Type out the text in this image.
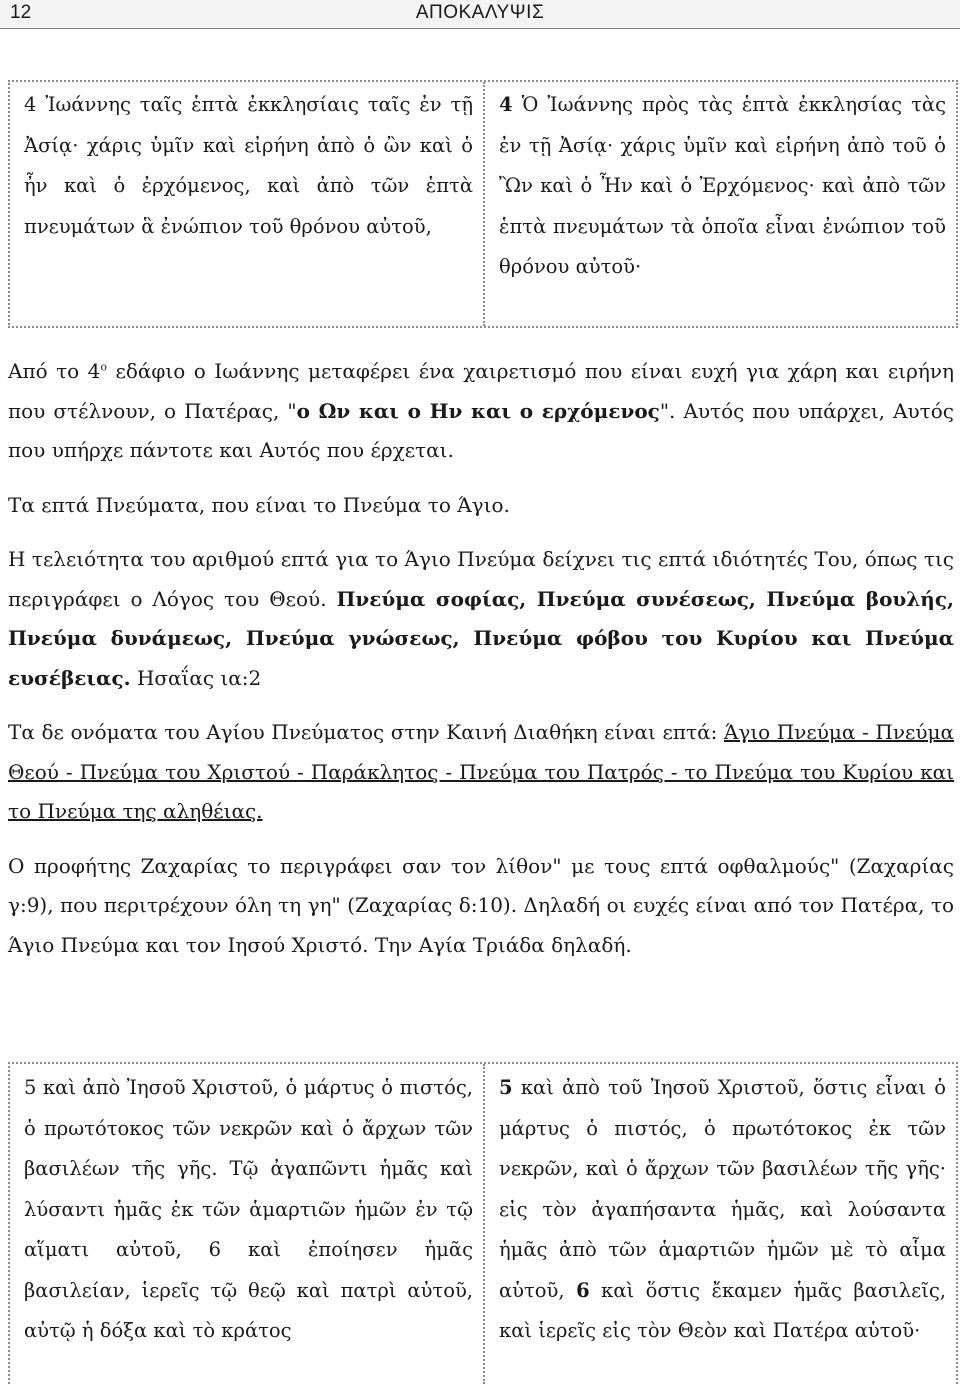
12	ΑΠΟΚΑΛΥΨΙΣ
4 Ἰωάννης ταῖς ἑπτὰ ἐκκλησίαις ταῖς ἐν τῇ Ἀσίᾳ· χάρις ὑμῖν καὶ εἰρήνη ἀπὸ ὁ ὢν καὶ ὁ ἦν καὶ ὁ ἐρχόμενος, καὶ ἀπὸ τῶν ἑπτὰ πνευμάτων ἃ ἐνώπιον τοῦ θρόνου αὐτοῦ,
4 Ὁ Ἰωάννης πρὸς τὰς ἑπτὰ ἐκκλησίας τὰς ἐν τῇ Ἀσίᾳ· χάρις ὑμῖν καὶ εἰρήνη ἀπὸ τοῦ ὁ Ὢν καὶ ὁ Ἦν καὶ ὁ Ἐρχόμενος· καὶ ἀπὸ τῶν ἑπτὰ πνευμάτων τὰ ὁποῖα εἶναι ἐνώπιον τοῦ θρόνου αὐτοῦ·

Από το $4^o$ εδάφιο ο Ιωάννης μεταφέρει ένα χαιρετισμό που είναι ευχή για χάρη και ειρήνη που στέλνουν, ο Πατέρας, "ο Ων και ο Ην και ο ερχόμενος". Αυτός που υπάρχει, Αυτός που υπήρχε πάντοτε και Αυτός που έρχεται.

Τα επτά Πνεύματα, που είναι το Πνεύμα το Άγιο.

Η τελειότητα του αριθμού επτά για το Άγιο Πνεύμα δείχνει τις επτά ιδιότητές Του, όπως τις περιγράφει ο Λόγος του Θεού. Πνεύμα σοφίας, Πνεύμα συνέσεως, Πνεύμα βουλής, Πνεύμα δυνάμεως, Πνεύμα γνώσεως, Πνεύμα φόβου του Κυρίου και Πνεύμα ευσέβειας. Ησαΐας ια:2

Τα δε ονόματα του Αγίου Πνεύματος στην Καινή Διαθήκη είναι επτά: Άγιο Πνεύμα - Πνεύμα Θεού - Πνεύμα του Χριστού - Παράκλητος - Πνεύμα του Πατρός - το Πνεύμα του Κυρίου και το Πνεύμα της αληθέιας.

Ο προφήτης Ζαχαρίας το περιγράφει σαν τον λίθον" με τους επτά οφθαλμούς" (Ζαχαρίας γ:9), που περιτρέχουν όλη τη γη" (Ζαχαρίας δ:10). Δηλαδή οι ευχές είναι από τον Πατέρα, το Άγιο Πνεύμα και τον Ιησού Χριστό. Την Αγία Τριάδα δηλαδή.

5 καὶ ἀπὸ Ἰησοῦ Χριστοῦ, ὁ μάρτυς ὁ πιστός, ὁ πρωτότοκος τῶν νεκρῶν καὶ ὁ ἄρχων τῶν βασιλέων τῆς γῆς. Τῷ ἀγαπῶντι ἡμᾶς καὶ λύσαντι ἡμᾶς ἐκ τῶν ἁμαρτιῶν ἡμῶν ἐν τῷ αἵματι αὐτοῦ, 6 καὶ ἐποίησεν ἡμᾶς βασιλείαν, ἱερεῖς τῷ θεῷ καὶ πατρὶ αὐτοῦ, αὐτῷ ἡ δόξα καὶ τὸ κράτος
5 καὶ ἀπὸ τοῦ Ἰησοῦ Χριστοῦ, ὅστις εἶναι ὁ μάρτυς ὁ πιστός, ὁ πρωτότοκος ἐκ τῶν νεκρῶν, καὶ ὁ ἄρχων τῶν βασιλέων τῆς γῆς· εἰς τὸν ἀγαπήσαντα ἡμᾶς, καὶ λούσαντα ἡμᾶς ἀπὸ τῶν ἁμαρτιῶν ἡμῶν μὲ τὸ αἷμα αὑτοῦ, 6 καὶ ὅστις ἔκαμεν ἡμᾶς βασιλεῖς, καὶ ἱερεῖς εἰς τὸν Θεὸν καὶ Πατέρα αὑτοῦ·
